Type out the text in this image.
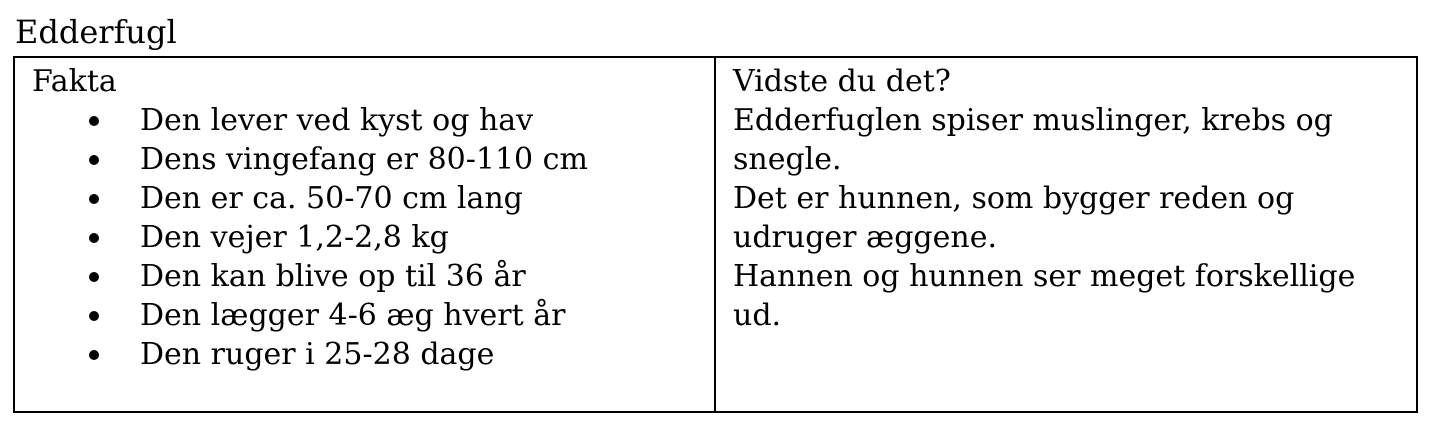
Edderfugl
Fakta
Den lever ved kyst og hav
Dens vingefang er 80-110 cm
Den er ca. 50-70 cm lang
Den vejer 1,2-2,8 kg
Den kan blive op til 36 år
Den lægger 4-6 æg hvert år
Den ruger i 25-28 dage
Vidste du det?
Edderfuglen spiser muslinger, krebs og
snegle.
Det er hunnen, som bygger reden og
udruger æggene.
Hannen og hunnen ser meget forskellige
ud.
